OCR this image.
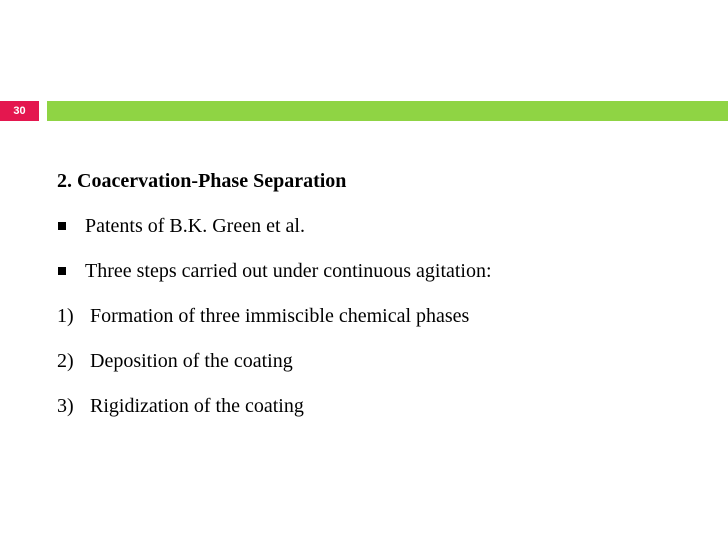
30
2. Coacervation-Phase Separation
Patents of B.K. Green et al.
Three steps carried out under continuous agitation:
1) Formation of three immiscible chemical phases
2) Deposition of the coating
3) Rigidization of the coating
